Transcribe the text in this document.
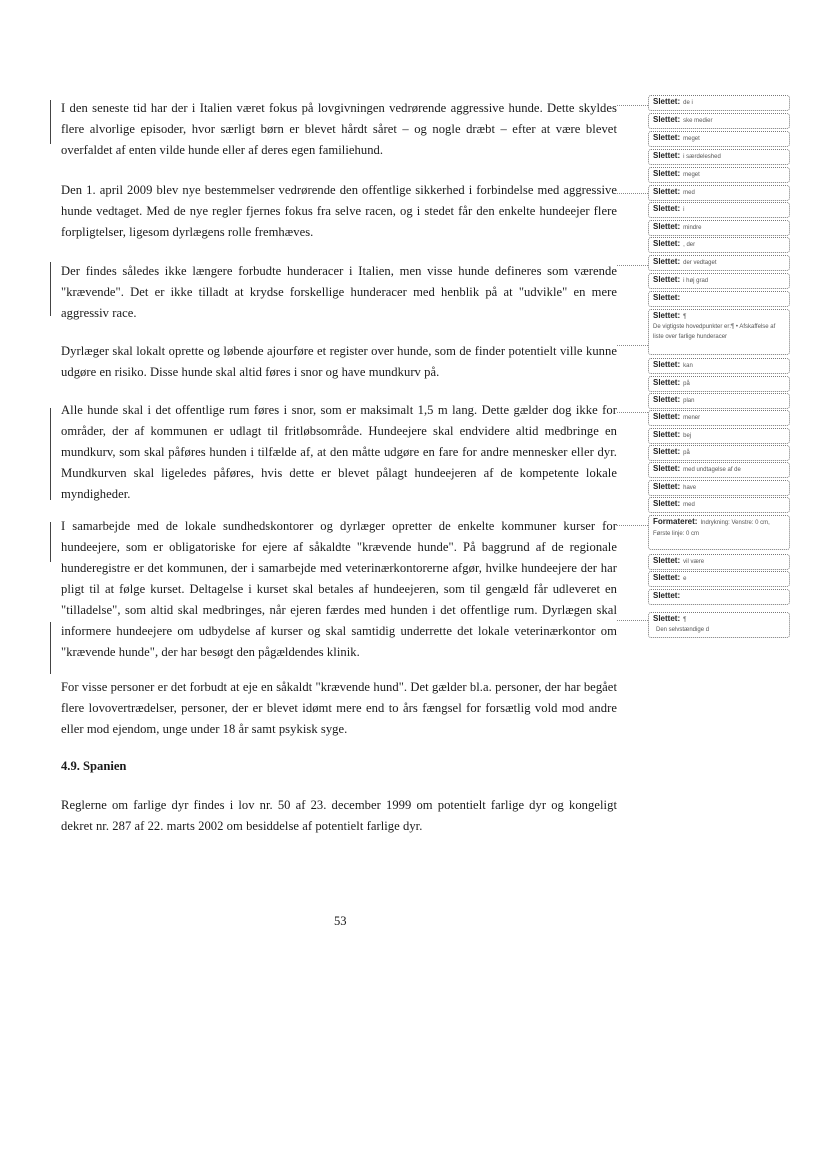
I den seneste tid har der i Italien været fokus på lovgivningen vedrørende aggressive hunde. Dette skyldes flere alvorlige episoder, hvor særligt børn er blevet hårdt såret – og nogle dræbt – efter at være blevet overfaldet af enten vilde hunde eller af deres egen familiehund.
Den 1. april 2009 blev nye bestemmelser vedrørende den offentlige sikkerhed i forbindelse med aggressive hunde vedtaget. Med de nye regler fjernes fokus fra selve racen, og i stedet får den enkelte hundeejer flere forpligtelser, ligesom dyrlægens rolle fremhæves.
Der findes således ikke længere forbudte hunderacer i Italien, men visse hunde defineres som værende "krævende". Det er ikke tilladt at krydse forskellige hunderacer med henblik på at "udvikle" en mere aggressiv race.
Dyrlæger skal lokalt oprette og løbende ajourføre et register over hunde, som de finder potentielt ville kunne udgøre en risiko. Disse hunde skal altid føres i snor og have mundkurv på.
Alle hunde skal i det offentlige rum føres i snor, som er maksimalt 1,5 m lang. Dette gælder dog ikke for områder, der af kommunen er udlagt til fritløbsområde. Hundeejere skal endvidere altid medbringe en mundkurv, som skal påføres hunden i tilfælde af, at den måtte udgøre en fare for andre mennesker eller dyr. Mundkurven skal ligeledes påføres, hvis dette er blevet pålagt hundeejeren af de kompetente lokale myndigheder.
I samarbejde med de lokale sundhedskontorer og dyrlæger opretter de enkelte kommuner kurser for hundeejere, som er obligatoriske for ejere af såkaldte "krævende hunde". På baggrund af de regionale hunderegistre er det kommunen, der i samarbejde med veterinærkontorerne afgør, hvilke hundeejere der har pligt til at følge kurset. Deltagelse i kurset skal betales af hundeejeren, som til gengæld får udleveret en "tilladelse", som altid skal medbringes, når ejeren færdes med hunden i det offentlige rum. Dyrlægen skal informere hundeejere om udbydelse af kurser og skal samtidig underrette det lokale veterinærkontor om "krævende hunde", der har besøgt den pågældendes klinik.
For visse personer er det forbudt at eje en såkaldt "krævende hund". Det gælder bl.a. personer, der har begået flere lovovertrædelser, personer, der er blevet idømt mere end to års fængsel for forsætlig vold mod andre eller mod ejendom, unge under 18 år samt psykisk syge.
4.9. Spanien
Reglerne om farlige dyr findes i lov nr. 50 af 23. december 1999 om potentielt farlige dyr og kongeligt dekret nr. 287 af 22. marts 2002 om besiddelse af potentielt farlige dyr.
53
Slettet: de i
Slettet: ske medier
Slettet: meget
Slettet: i særdeleshed
Slettet: meget
Slettet: med
Slettet: i
Slettet: mindre
Slettet: , der
Slettet: der vedtaget
Slettet: i høj grad
Slettet:
Slettet: ¶
De vigtigste hovedpunkter er:¶ • Afskaffelse af liste over farlige hunderacer
Slettet: kan
Slettet: på
Slettet: plan
Slettet: mener
Slettet: bej
Slettet: på
Slettet: med undtagelse af de
Slettet: have
Slettet: med
Formateret: Indrykning: Venstre: 0 cm, Første linje: 0 cm
Slettet: vil være
Slettet: e
Slettet:
Slettet: ¶
Den selvstændige d
